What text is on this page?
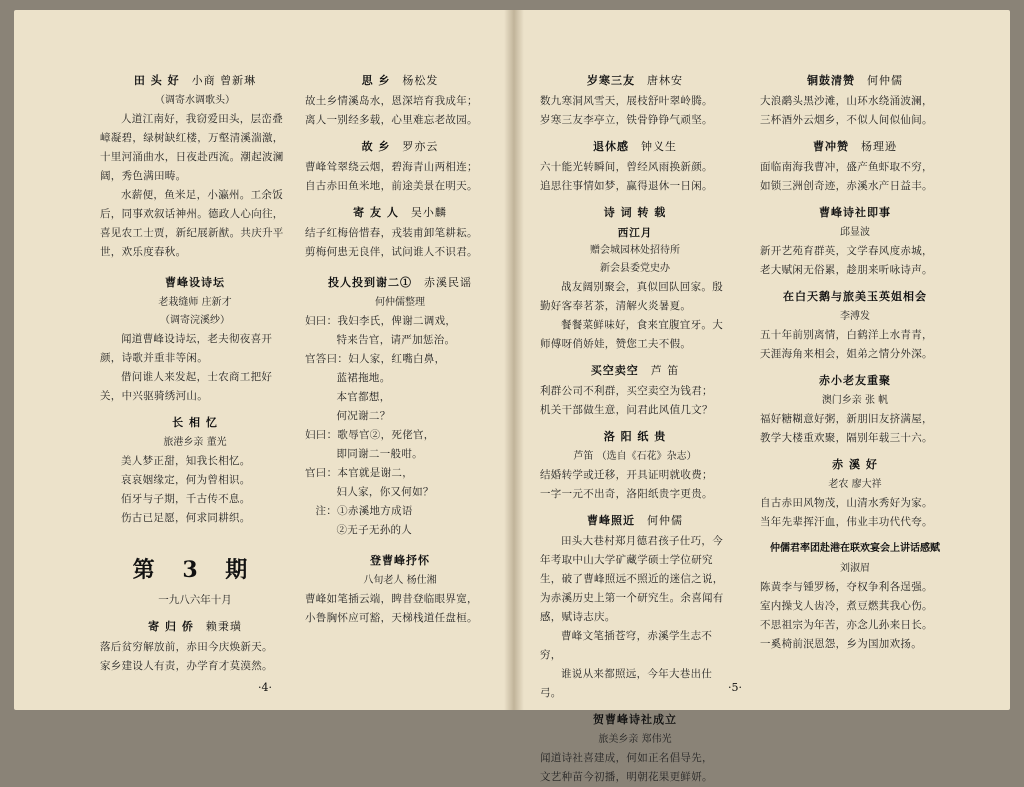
田 头 好 小商 曾新琳
（调寄水调歌头）
人道江南好，我窃爱田头，层峦叠嶂凝碧，绿树缺红楼，万壑清溪湍激，十里河涌曲水，日夜赴西流。潮起波澜阔，秀色满田畴。
水薪便，鱼米足，小瀛州。工余饭后，同事欢叙话神州。德政人心向往，喜见农工士贾，新纪展新猷。共庆升平世，欢乐度春秋。
曹峰设诗坛
老栽缝师 庄新才
（调寄浣溪纱）
闻道曹峰设诗坛，老夫彻夜喜开颜，诗歌并重非等闲。
借问谁人来发起，士农商工把好关，中兴驱骑绣河山。
长 相 忆
旅港乡亲 董光
美人梦正甜，知我长相忆。
哀哀姻缘定，何为曾相识。
佰牙与子期，千古传不息。
伤古已足愿，何求同耕织。
第 3 期
一九八六年十月
寄 归 侨 赖秉璜
落后贫穷解放前，赤田今庆焕新天。
家乡建设人有责，办学育才莫漠然。
思 乡 杨松发
故土乡情溪岛水，恩深培育我成年；
离人一别经多载，心里难忘老故园。
故 乡 罗亦云
曹峰耸翠绕云烟，碧海青山两相连；
自古赤田鱼米地，前途美景在明天。
寄 友 人 吴小麟
结子红梅倍惜春，戎装甫卸笔耕耘。
剪梅何患无良伴，试问谁人不识君。
投人投到谢二① 赤溪民谣
何仲儒整理
妇曰：我妇李氏，俾谢二调戏，
特来告官，请严加惩治。
官答曰：妇人家，红嘴白鼻，
蓝裙拖地。
本官都想，
何况谢二？
妇曰：歌辱官②，死佬官，
即同谢二一般咁。
官曰：本官就是谢二，
妇人家，你又何如？
注：①赤溪地方成语
②无子无孙的人
登曹峰抒怀
八旬老人 杨仕湘
曹峰如笔插云端，睥昔登临眼界宽，
小鲁胸怀应可豁，天梯栈道任盘桓。
·4·
岁寒三友 唐林安
数九寒洞风雪天，展枝舒叶翠岭腾。
岁寒三友李亭立，铁骨铮铮气顽坚。
退休感 钟义生
六十能光转瞬间，曾经风雨换新颜。
追思往事情如梦，赢得退休一日闲。
诗 词 转 载
西江月
赠会城园林处招待所
新会县委党史办
战友阔别聚会，真似回队回家。殷勤好客奉茗茶，清解火炎暑夏。
餐餐菜鲜味好，食来宜腹宜牙。大师傅呀俏娇娃，赞您工夫不假。
买空卖空 芦 笛
利群公司不利群，买空卖空为钱君；
机关干部做生意，问君此风值几文？
洛 阳 纸 贵
芦笛 （选自《石花》杂志）
结婚转学或迁移，开具证明就收费；
一字一元不出奇，洛阳纸贵字更贵。
曹峰照近 何仲儒
田头大巷村郑月德君孩子仕巧，今年考取中山大学矿藏学硕士学位研究生，破了曹峰照远不照近的迷信之说，为赤溪历史上第一个研究生。余喜闻有感，赋诗志庆。
曹峰文笔插苍穹，赤溪学生志不穷，
谁说从来都照远，今年大巷出仕弓。
贺曹峰诗社成立
旅美乡亲 郑伟光
闻道诗社喜建成，何如正名倡导先，
文艺种苗今初播，明朝花果更鲜妍。
铜鼓清赞 何仲儒
大浪鹬头黑沙滩，山环水绕涌波澜，
三杯酒外云烟乡，不似人间似仙间。
曹冲赞 杨理逊
面临南海我曹冲，盛产鱼虾取不穷，
如锁三洲创奇迹，赤溪水产日益丰。
曹峰诗社即事
邱显波
新开艺苑育群英，文学春风度赤城，
老大赋闲无俗累，趁朋来听咏诗声。
在白天鹅与旅美玉英姐相会
李溥发
五十年前别离情，白鹤洋上水青青，
天涯海角来相会，姐弟之情分外深。
赤小老友重聚
澳门乡亲 张 帆
福好糖糊意好粥，新朋旧友挤满屋，
教学大楼重欢聚，隔别年载三十六。
赤 溪 好
老农 廖大祥
自古赤田风物茂，山清水秀好为家。
当年先辈挥汗血，伟业丰功代代夸。
仲儒君率团赴港在联欢宴会上讲话感赋
刘淑眉
陈黄李与锺罗杨，夺权争利各逞强。
室内操戈人齿冷，煮豆燃萁我心伤。
不思祖宗为年苦，亦念儿孙来日长。
一奚椅前泯恩怨，乡为国加欢扬。
·5·
